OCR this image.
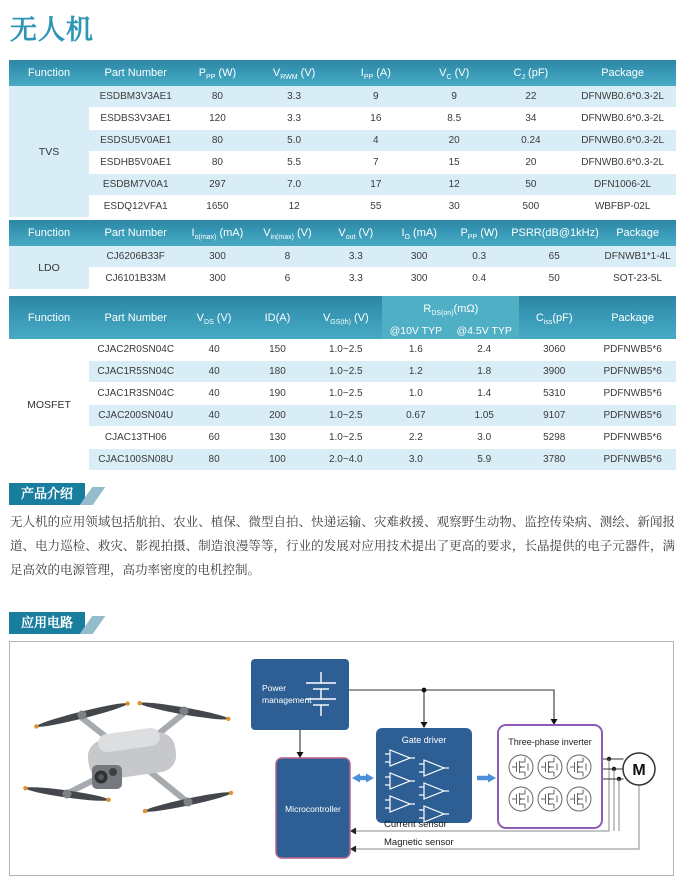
无人机
Function	Part Number	$P_{PP}$ (W)	$V_{RWM}$ (V)	$I_{PP}$ (A)	$V_C$ (V)	$C_J$ (pF)	Package
TVS	ESDBM3V3AE1	80	3.3	9	9	22	DFNWB0.6*0.3-2L
	ESDBS3V3AE1	120	3.3	16	8.5	34	DFNWB0.6*0.3-2L
	ESDSU5V0AE1	80	5.0	4	20	0.24	DFNWB0.6*0.3-2L
	ESDHB5V0AE1	80	5.5	7	15	20	DFNWB0.6*0.3-2L
	ESDBM7V0A1	297	7.0	17	12	50	DFN1006-2L
	ESDQ12VFA1	1650	12	55	30	500	WBFBP-02L
Function	Part Number	$I_{o(max)}$ (mA)	$V_{in(max)}$ (V)	$V_{out}$ (V)	$I_O$ (mA)	$P_{PP}$ (W)	PSRR(dB@1kHz)	Package
LDO	CJ6206B33F	300	8	3.3	300	0.3	65	DFNWB1*1-4L
	CJ6101B33M	300	6	3.3	300	0.4	50	SOT-23-5L
Function	Part Number	$V_{DS}$ (V)	ID(A)	$V_{GS(th)}$ (V)	$R_{DS(on)}(m\Omega)$		$C_{iss}(pF)$	Package
					@10V TYP	@4.5V TYP		
MOSFET	CJAC2R0SN04C	40	150	1.0~2.5	1.6	2.4	3060	PDFNWB5*6
	CJAC1R5SN04C	40	180	1.0~2.5	1.2	1.8	3900	PDFNWB5*6
	CJAC1R3SN04C	40	190	1.0~2.5	1.0	1.4	5310	PDFNWB5*6
	CJAC200SN04U	40	200	1.0~2.5	0.67	1.05	9107	PDFNWB5*6
	CJAC13TH06	60	130	1.0~2.5	2.2	3.0	5298	PDFNWB5*6
	CJAC100SN08U	80	100	2.0~4.0	3.0	5.9	3780	PDFNWB5*6
产品介绍

无人机的应用领域包括航拍、农业、植保、微型自拍、快递运输、灾难救援、观察野生动物、监控传染病、测绘、新闻报道、电力巡检、救灾、影视拍摄、制造浪漫等等，行业的发展对应用技术提出了更高的要求，长晶提供的电子元器件，满足高效的电源管理，高功率密度的电机控制。

应用电路
Power
management
Gate driver
Microcontroller
Three-phase inverter
M
Current sensor
Magnetic sensor
